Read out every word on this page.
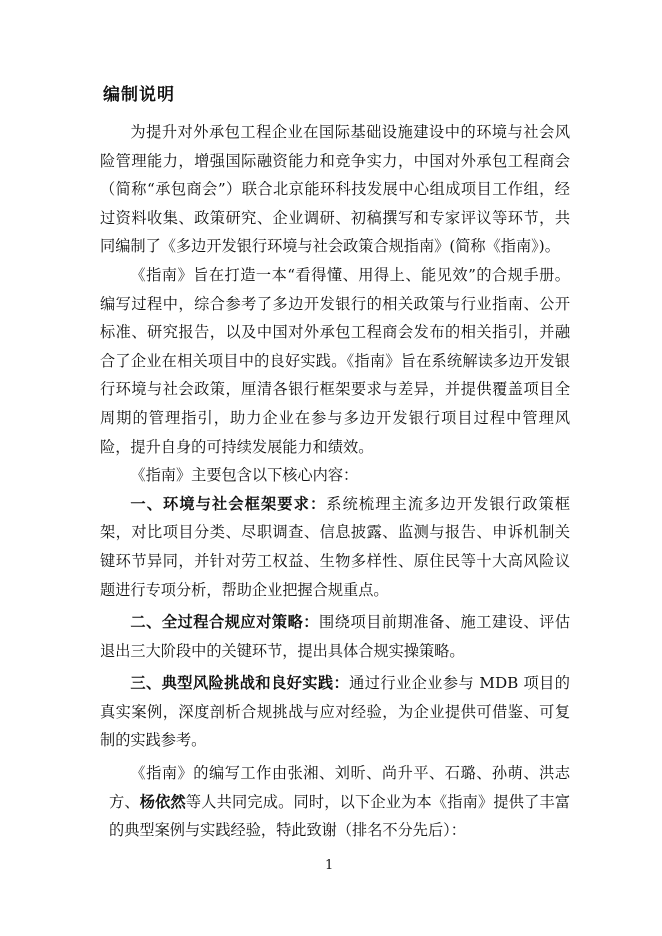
编制说明

为提升对外承包工程企业在国际基础设施建设中的环境与社会风险管理能力，增强国际融资能力和竞争实力，中国对外承包工程商会（简称“承包商会”）联合北京能环科技发展中心组成项目工作组，经过资料收集、政策研究、企业调研、初稿撰写和专家评议等环节，共同编制了《多边开发银行环境与社会政策合规指南》(简称《指南》)。

《指南》旨在打造一本“看得懂、用得上、能见效”的合规手册。编写过程中，综合参考了多边开发银行的相关政策与行业指南、公开标准、研究报告，以及中国对外承包工程商会发布的相关指引，并融合了企业在相关项目中的良好实践。《指南》旨在系统解读多边开发银行环境与社会政策，厘清各银行框架要求与差异，并提供覆盖项目全周期的管理指引，助力企业在参与多边开发银行项目过程中管理风险，提升自身的可持续发展能力和绩效。

《指南》主要包含以下核心内容：

一、环境与社会框架要求：系统梳理主流多边开发银行政策框架，对比项目分类、尽职调查、信息披露、监测与报告、申诉机制关键环节异同，并针对劳工权益、生物多样性、原住民等十大高风险议题进行专项分析，帮助企业把握合规重点。

二、全过程合规应对策略：围绕项目前期准备、施工建设、评估退出三大阶段中的关键环节，提出具体合规实操策略。

三、典型风险挑战和良好实践：通过行业企业参与 MDB 项目的真实案例，深度剖析合规挑战与应对经验，为企业提供可借鉴、可复制的实践参考。

《指南》的编写工作由张湘、刘昕、尚升平、石璐、孙萌、洪志方、杨依然等人共同完成。同时，以下企业为本《指南》提供了丰富的典型案例与实践经验，特此致谢（排名不分先后）：

1
